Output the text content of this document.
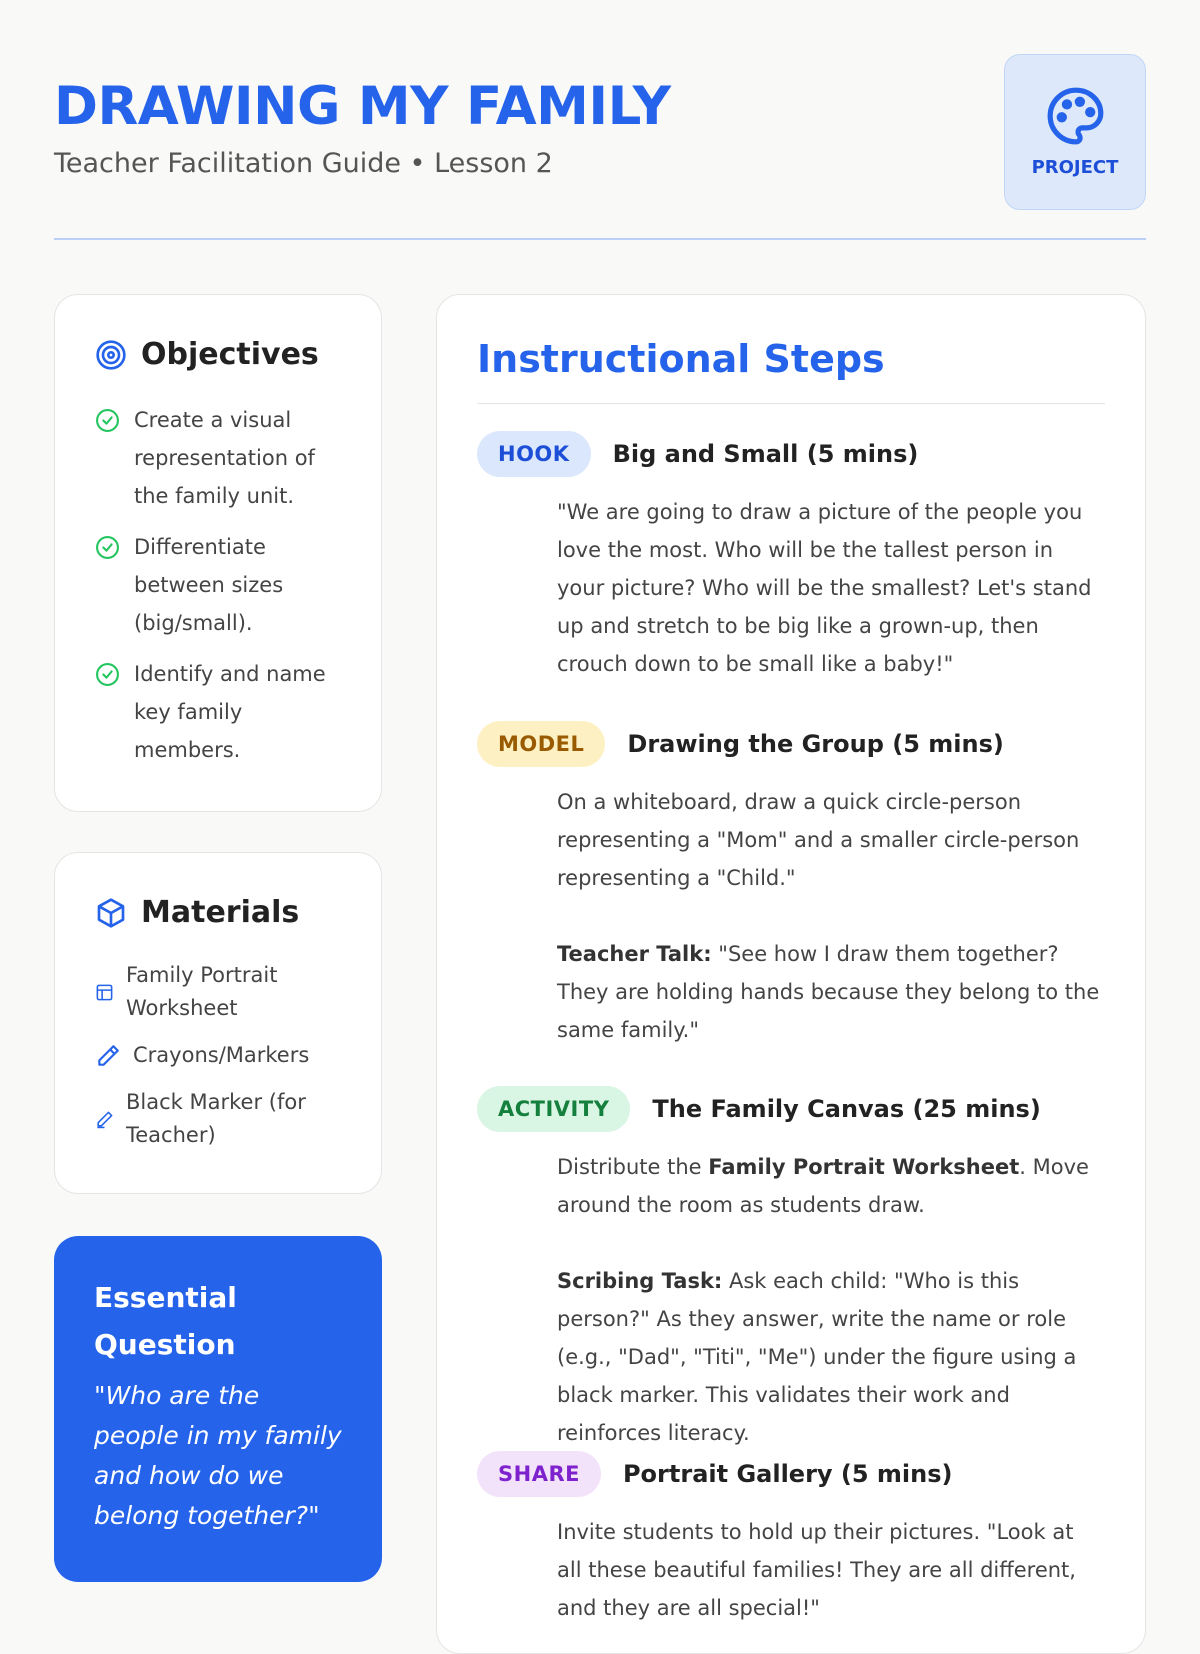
DRAWING MY FAMILY
Teacher Facilitation Guide • Lesson 2	PROJECT
Objectives
Create a visual representation of the family unit.
Differentiate between sizes (big/small).
Identify and name key family members.
Materials
Family Portrait Worksheet
Crayons/Markers
Black Marker (for Teacher)
Essential Question
"Who are the people in my family and how do we belong together?"
Instructional Steps
HOOK	Big and Small (5 mins)

"We are going to draw a picture of the people you love the most. Who will be the tallest person in your picture? Who will be the smallest? Let's stand up and stretch to be big like a grown-up, then crouch down to be small like a baby!"

MODEL	Drawing the Group (5 mins)

On a whiteboard, draw a quick circle-person representing a "Mom" and a smaller circle-person representing a "Child."

Teacher Talk: "See how I draw them together? They are holding hands because they belong to the same family."

ACTIVITY	The Family Canvas (25 mins)

Distribute the Family Portrait Worksheet. Move around the room as students draw.

Scribing Task: Ask each child: "Who is this person?" As they answer, write the name or role (e.g., "Dad", "Titi", "Me") under the figure using a black marker. This validates their work and reinforces literacy.

SHARE	Portrait Gallery (5 mins)

Invite students to hold up their pictures. "Look at all these beautiful families! They are all different, and they are all special!"
